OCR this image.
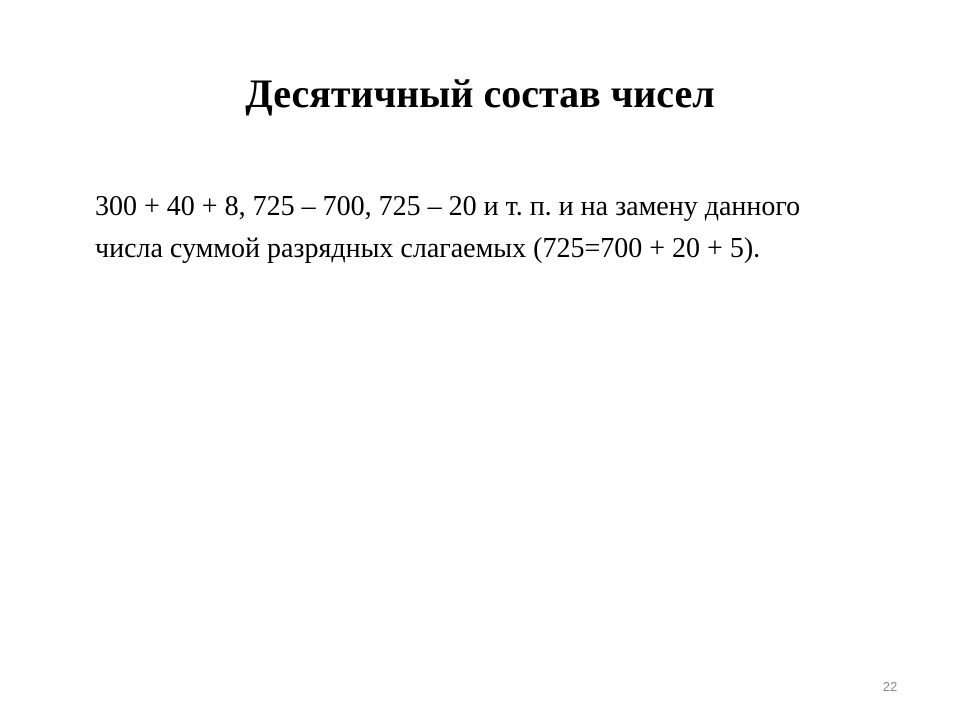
Десятичный состав чисел

300 + 40 + 8, 725 – 700, 725 – 20 и т. п. и на замену данного
числа суммой разрядных слагаемых (725=700 + 20 + 5).

22
